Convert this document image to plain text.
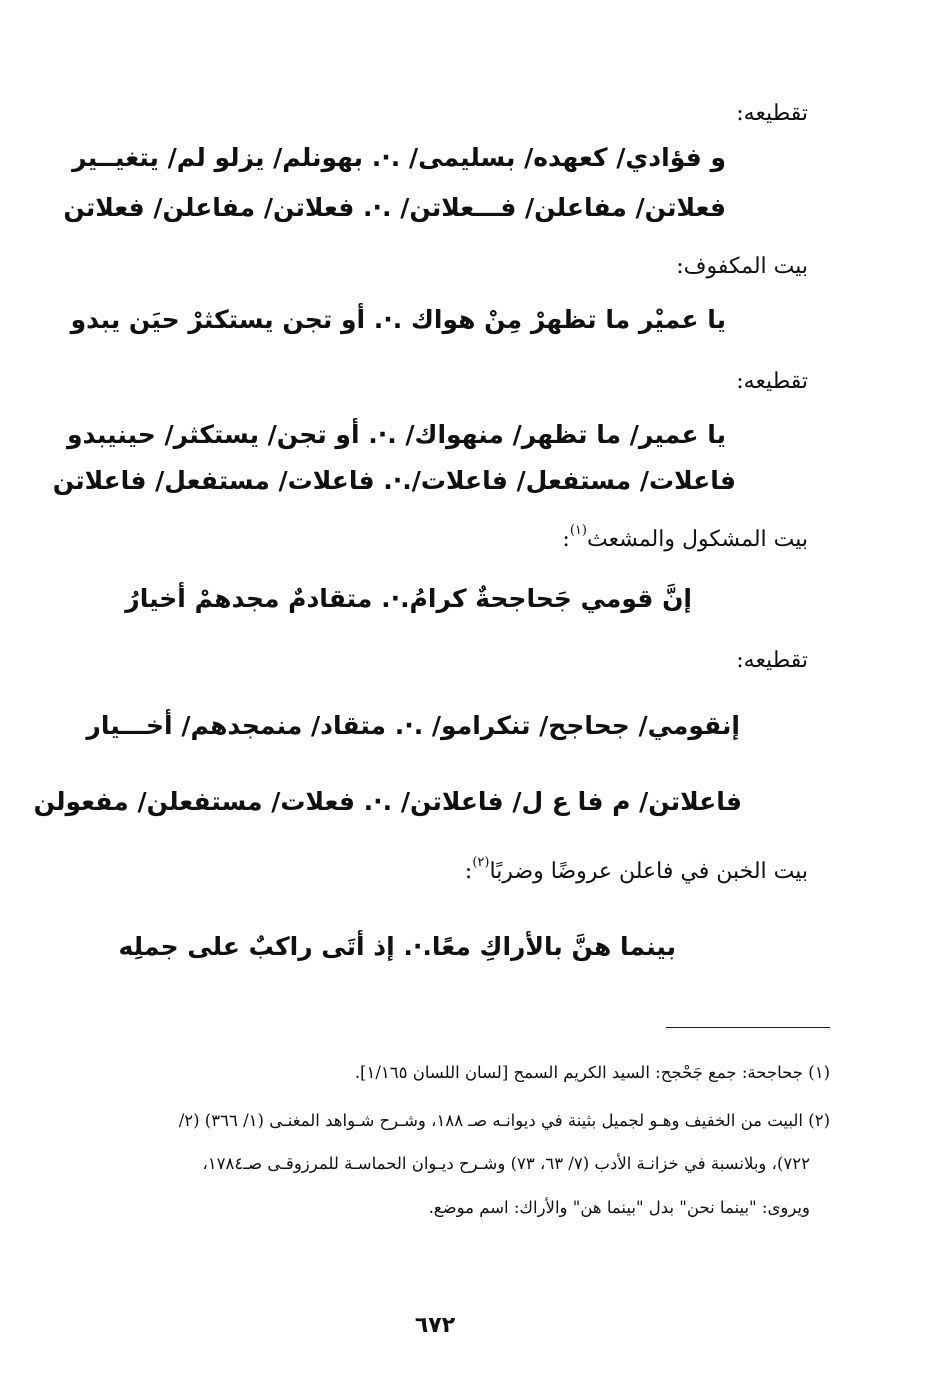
تقطيعه:
و فؤادي/ كعهده/ بسليمى/ .·. بهونلم/ يزلو لم/ يتغيــير
فعلاتن/ مفاعلن/ فـــعلاتن/ .·. فعلاتن/ مفاعلن/ فعلاتن
بيت المكفوف:
يا عميْر ما تظهرْ مِنْ هواك .·. أو تجن يستكثرْ حيَن يبدو
تقطيعه:
يا عمير/ ما تظهر/ منهواك/ .·. أو تجن/ يستكثر/ حينيبدو
فاعلات/ مستفعل/ فاعلات/.·. فاعلات/ مستفعل/ فاعلاتن
بيت المشكول والمشعث$^{(١)}$:
إنَّ قومي جَحاجحةٌ كرامُ.·. متقادمٌ مجدهمْ أخيارُ
تقطيعه:
إنقومي/ جحاجح/ تنكرامو/ .·. متقاد/ منمجدهم/ أخـــيار
فاعلاتن/ م فا ع ل/ فاعلاتن/ .·. فعلات/ مستفعلن/ مفعولن
بيت الخبن في فاعلن عروضًا وضربًا$^{(٢)}$:
بينما هنَّ بالأراكِ معًا.·. إذ أتَى راكبٌ على جملِه
(١) جحاجحة: جمع جَحْجح: السيد الكريم السمح [لسان اللسان ١/١٦٥].
(٢) البيت من الخفيف وهـو لجميل بثينة في ديوانـه صـ ١٨٨، وشـرح شـواهد المغنـى (١/ ٣٦٦) (٢/
٧٢٢)، وبلانسبة في خزانـة الأدب (٧/ ٦٣، ٧٣) وشـرح ديـوان الحماسـة للمرزوقـى صـ١٧٨٤،
ويروى: "بينما نحن" بدل "بينما هن" والأراك: اسم موضع.
٦٧٢
